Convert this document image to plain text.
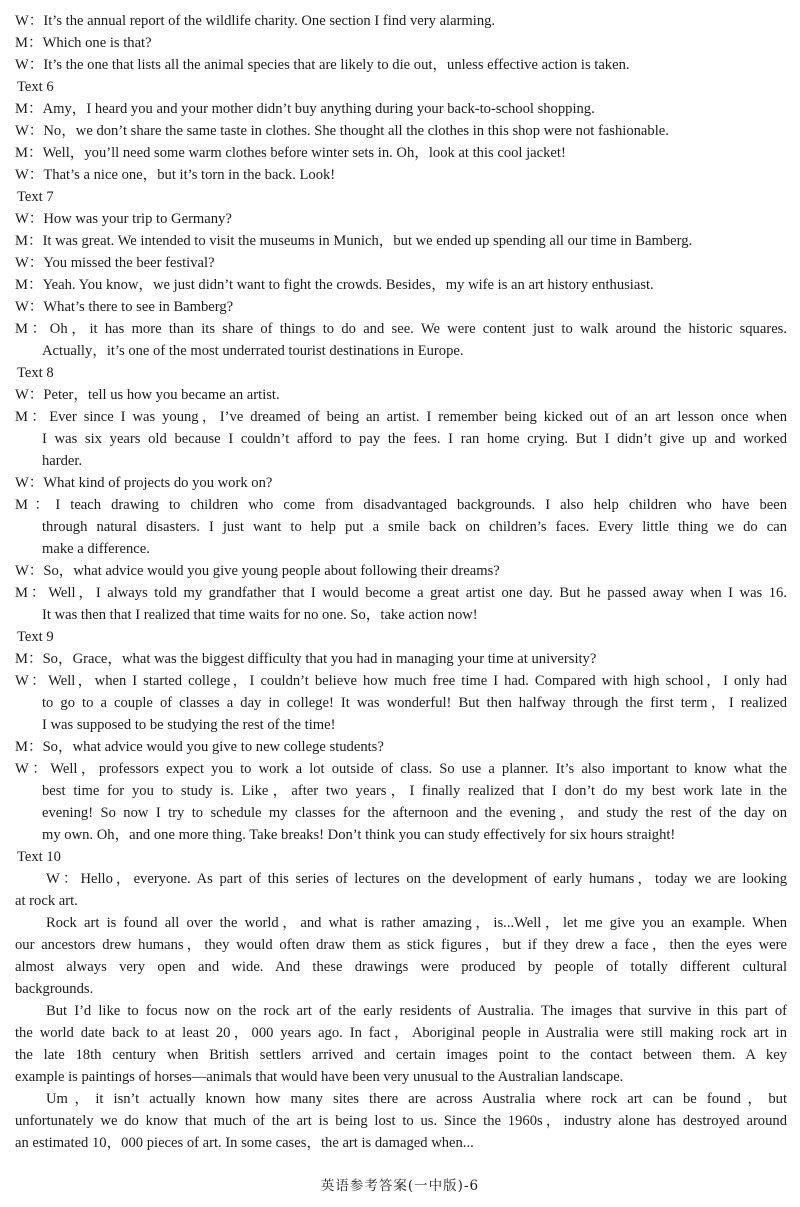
W：It’s the annual report of the wildlife charity. One section I find very alarming.
M：Which one is that?
W：It’s the one that lists all the animal species that are likely to die out，unless effective action is taken.
Text 6
M：Amy，I heard you and your mother didn’t buy anything during your back-to-school shopping.
W：No，we don’t share the same taste in clothes. She thought all the clothes in this shop were not fashionable.
M：Well，you’ll need some warm clothes before winter sets in. Oh，look at this cool jacket!
W：That’s a nice one，but it’s torn in the back. Look!
Text 7
W：How was your trip to Germany?
M：It was great. We intended to visit the museums in Munich，but we ended up spending all our time in Bamberg.
W：You missed the beer festival?
M：Yeah. You know，we just didn’t want to fight the crowds. Besides，my wife is an art history enthusiast.
W：What’s there to see in Bamberg?
M：Oh，it has more than its share of things to do and see. We were content just to walk around the historic squares.
Actually，it’s one of the most underrated tourist destinations in Europe.
Text 8
W：Peter，tell us how you became an artist.
M：Ever since I was young，I’ve dreamed of being an artist. I remember being kicked out of an art lesson once when
I was six years old because I couldn’t afford to pay the fees. I ran home crying. But I didn’t give up and worked
harder.
W：What kind of projects do you work on?
M：I teach drawing to children who come from disadvantaged backgrounds. I also help children who have been
through natural disasters. I just want to help put a smile back on children’s faces. Every little thing we do can
make a difference.
W：So，what advice would you give young people about following their dreams?
M：Well，I always told my grandfather that I would become a great artist one day. But he passed away when I was 16.
It was then that I realized that time waits for no one. So，take action now!
Text 9
M：So，Grace，what was the biggest difficulty that you had in managing your time at university?
W：Well，when I started college，I couldn’t believe how much free time I had. Compared with high school，I only had
to go to a couple of classes a day in college! It was wonderful! But then halfway through the first term，I realized
I was supposed to be studying the rest of the time!
M：So，what advice would you give to new college students?
W：Well，professors expect you to work a lot outside of class. So use a planner. It’s also important to know what the
best time for you to study is. Like，after two years，I finally realized that I don’t do my best work late in the
evening! So now I try to schedule my classes for the afternoon and the evening，and study the rest of the day on
my own. Oh，and one more thing. Take breaks! Don’t think you can study effectively for six hours straight!
Text 10
W：Hello，everyone. As part of this series of lectures on the development of early humans，today we are looking
at rock art.
Rock art is found all over the world，and what is rather amazing，is...Well，let me give you an example. When
our ancestors drew humans，they would often draw them as stick figures，but if they drew a face，then the eyes were
almost always very open and wide. And these drawings were produced by people of totally different cultural
backgrounds.
But I’d like to focus now on the rock art of the early residents of Australia. The images that survive in this part of
the world date back to at least 20，000 years ago. In fact，Aboriginal people in Australia were still making rock art in
the late 18th century when British settlers arrived and certain images point to the contact between them. A key
example is paintings of horses—animals that would have been very unusual to the Australian landscape.
Um，it isn’t actually known how many sites there are across Australia where rock art can be found，but
unfortunately we do know that much of the art is being lost to us. Since the 1960s，industry alone has destroyed around
an estimated 10，000 pieces of art. In some cases，the art is damaged when...
英语参考答案(一中版)-6
